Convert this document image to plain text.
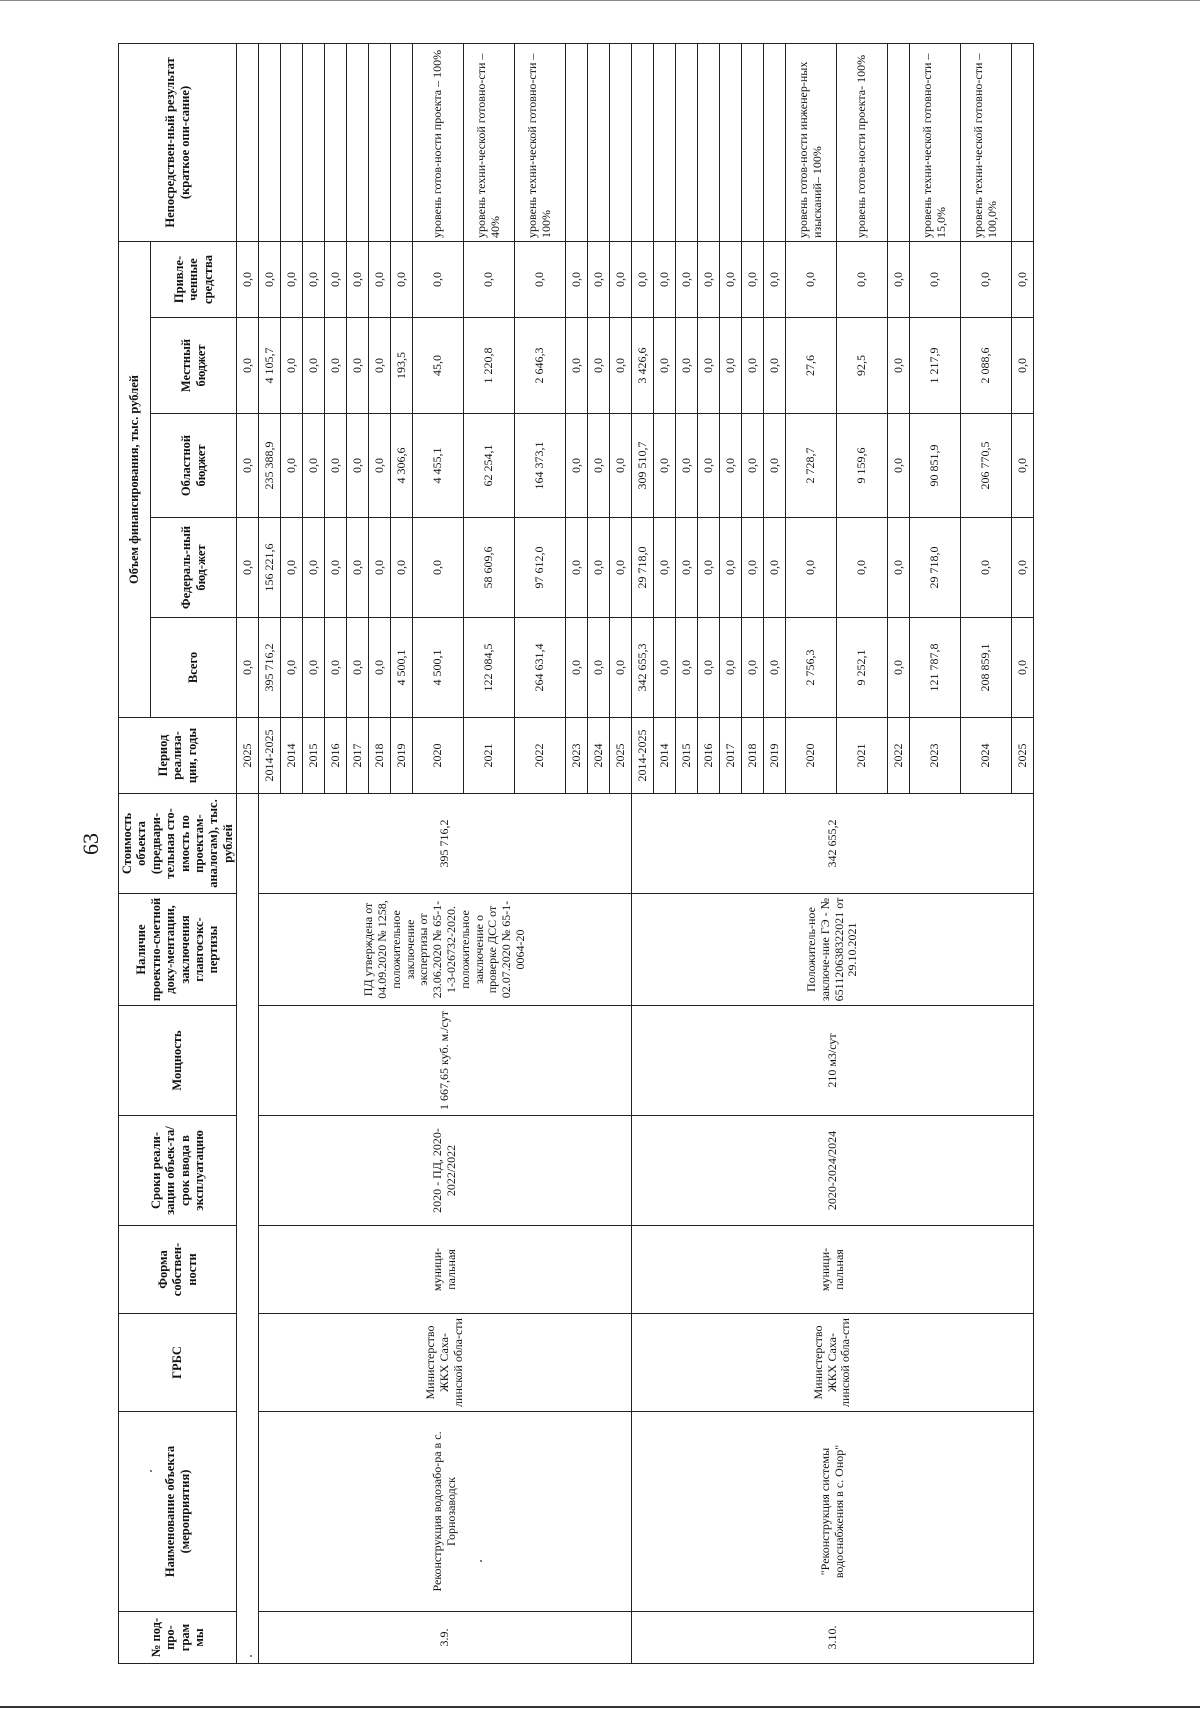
63
№ под-про-грам мы	Наименование объекта (мероприятия)	ГРБС	Форма собствен-ности	Сроки реали-зации объек-та/срок ввода в эксплуатацию	Мощность	Наличие проектно-сметной доку-ментации, заключения главгосэкс-пертизы	Стоимость объекта (предвари-тельная сто-имость по проектам-аналогам), тыс. рублей	Период реализа-ции, годы	Объем финансирования, тыс. рублей					Непосредствен-ный результат (краткое опи-сание)
									Всего	Федераль-ный бюд-жет	Областной бюджет	Местный бюджет	Привле-ченные средства	
								2025	0,0	0,0	0,0	0,0	0,0	
3.9.	Реконструкция водозабо-ра в с. Горнозаводск	Министерство ЖКХ Саха-линской обла-сти	муници-пальная	2020 - ПД, 2020-2022/2022	1 667,65 куб. м./сут	ПД утверждена от 04.09.2020 № 1258, положительное заключение экспертизы от 23.06.2020 № 65-1-1-3-026732-2020. положительное заключение о проверке ДСС от 02.07.2020 № 65-1-0064-20	395 716,2	2014-2025	395 716,2	156 221,6	235 388,9	4 105,7	0,0	
								2014	0,0	0,0	0,0	0,0	0,0	
								2015	0,0	0,0	0,0	0,0	0,0	
								2016	0,0	0,0	0,0	0,0	0,0	
								2017	0,0	0,0	0,0	0,0	0,0	
								2018	0,0	0,0	0,0	0,0	0,0	
								2019	4 500,1	0,0	4 306,6	193,5	0,0	
								2020	4 500,1	0,0	4 455,1	45,0	0,0	уровень готов-ности проекта – 100%
								2021	122 084,5	58 609,6	62 254,1	1 220,8	0,0	уровень техни-ческой готовно-сти – 40%
								2022	264 631,4	97 612,0	164 373,1	2 646,3	0,0	уровень техни-ческой готовно-сти – 100%
								2023	0,0	0,0	0,0	0,0	0,0	
								2024	0,0	0,0	0,0	0,0	0,0	
								2025	0,0	0,0	0,0	0,0	0,0	
3.10.	"Реконструкция системы водоснабжения в с. Онор"	Министерство ЖКХ Саха-линской обла-сти	муници-пальная	2020-2024/2024	210 м3/сут	Положитель-ное заключе-ние ГЭ - № 651120638322021 от 29.10.2021	342 655,2	2014-2025	342 655,3	29 718,0	309 510,7	3 426,6	0,0	
								2014	0,0	0,0	0,0	0,0	0,0	
								2015	0,0	0,0	0,0	0,0	0,0	
								2016	0,0	0,0	0,0	0,0	0,0	
								2017	0,0	0,0	0,0	0,0	0,0	
								2018	0,0	0,0	0,0	0,0	0,0	
								2019	0,0	0,0	0,0	0,0	0,0	
								2020	2 756,3	0,0	2 728,7	27,6	0,0	уровень готов-ности инженер-ных изысканий– 100%
								2021	9 252,1	0,0	9 159,6	92,5	0,0	уровень готов-ности проекта- 100%
								2022	0,0	0,0	0,0	0,0	0,0	
								2023	121 787,8	29 718,0	90 851,9	1 217,9	0,0	уровень техни-ческой готовно-сти – 15,0%
								2024	208 859,1	0,0	206 770,5	2 088,6	0,0	уровень техни-ческой готовно-сти – 100,0%
								2025	0,0	0,0	0,0	0,0	0,0	
